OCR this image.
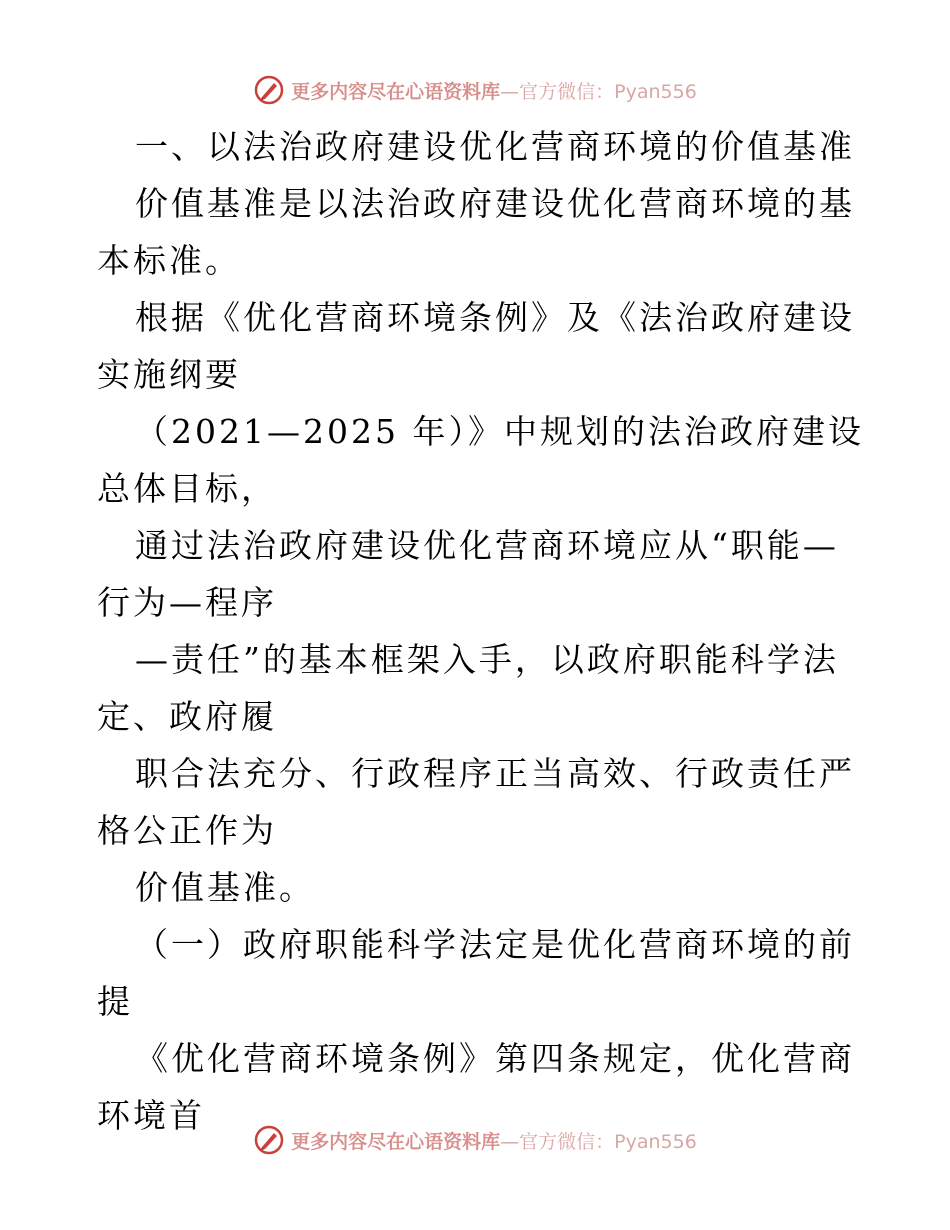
更多内容尽在心语资料库—官方微信：Pyan556

一、以法治政府建设优化营商环境的价值基准

价值基准是以法治政府建设优化营商环境的基本标准。

根据《优化营商环境条例》及《法治政府建设实施纲要

（2021—2025 年）》中规划的法治政府建设总体目标，

通过法治政府建设优化营商环境应从“职能—行为—程序

—责任”的基本框架入手，以政府职能科学法定、政府履

职合法充分、行政程序正当高效、行政责任严格公正作为

价值基准。

（一）政府职能科学法定是优化营商环境的前提

《优化营商环境条例》第四条规定，优化营商环境首

更多内容尽在心语资料库—官方微信：Pyan556
